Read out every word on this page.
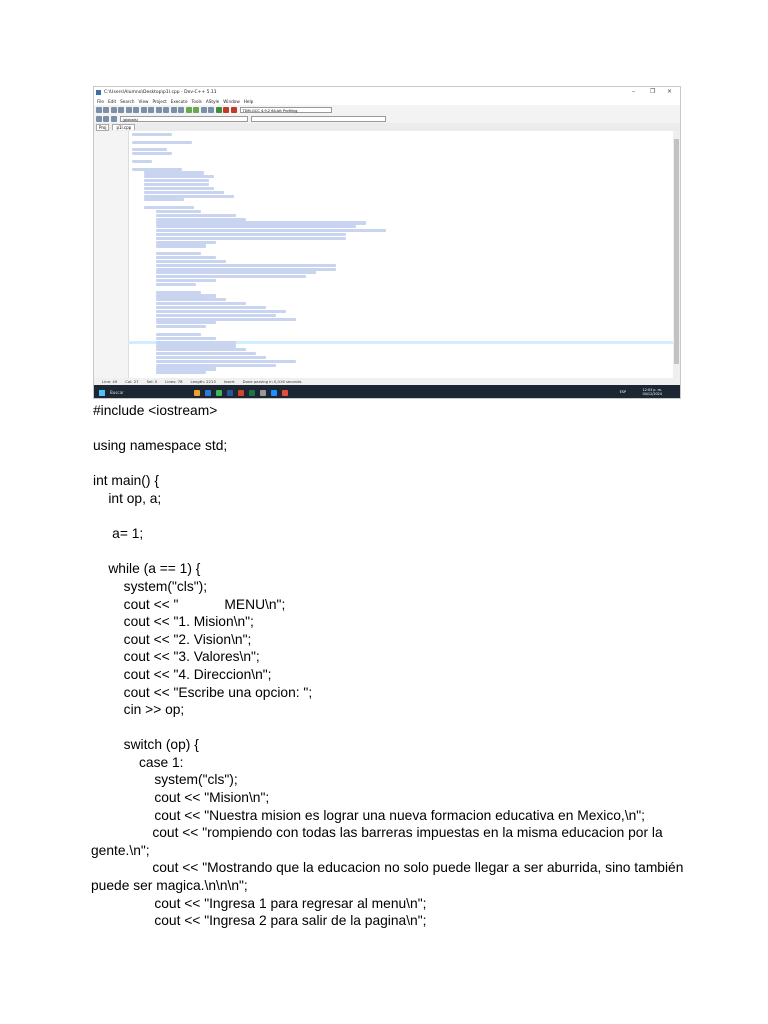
C:\Users\Alumno\Desktop\p1l.cpp - Dev-C++ 5.11	–	❐ ×
File Edit Search View Project Execute Tools AStyle Window Help
TDM-GCC 4.9.2 64-bit Profiling
(globals)
Proj	p1l.cpp
Line: 49 Col: 27 Sel: 0 Lines: 78 Length: 2213 Insert Done parsing in 0,016 seconds
Buscar	12:03 p. m.
04/12/2024
ESP
#include <iostream>
using namespace std;
int main() {
int op, a;
a= 1;
while (a == 1) {
system("cls");
cout << "            MENU\n";
cout << "1. Mision\n";
cout << "2. Vision\n";
cout << "3. Valores\n";
cout << "4. Direccion\n";
cout << "Escribe una opcion: ";
cin >> op;
switch (op) {
case 1:
system("cls");
cout << "Mision\n";
cout << "Nuestra mision es lograr una nueva formacion educativa en Mexico,\n";
cout << "rompiendo con todas las barreras impuestas en la misma educacion por la gente.\n";
cout << "Mostrando que la educacion no solo puede llegar a ser aburrida, sino también puede ser magica.\n\n\n";
cout << "Ingresa 1 para regresar al menu\n";
cout << "Ingresa 2 para salir de la pagina\n";
